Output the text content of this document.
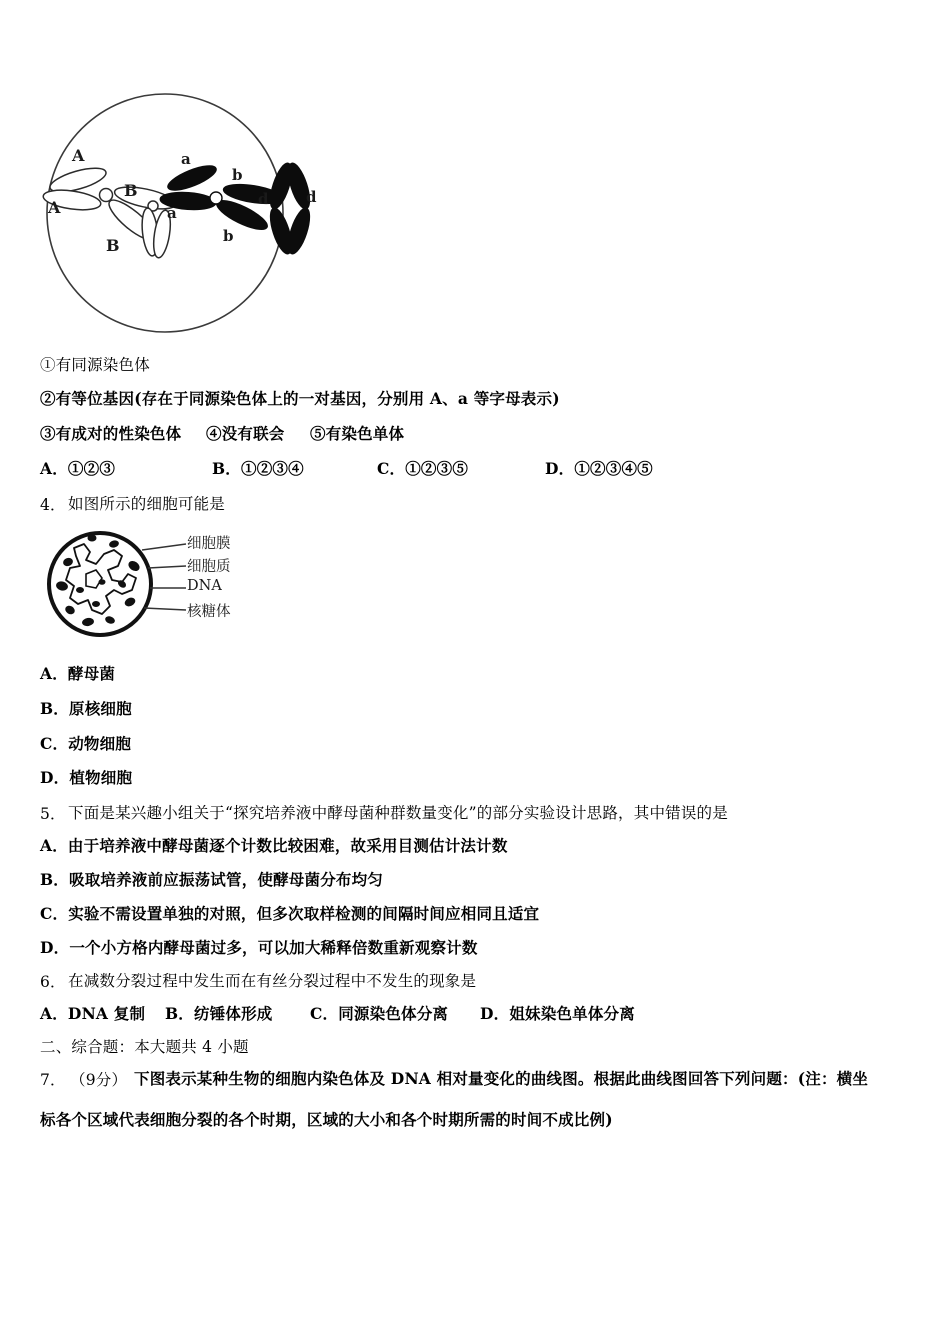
A
A
B
B
a
a
b
b
d	d
①有同源染色体
②有等位基因(存在于同源染色体上的一对基因，分别用 A、a 等字母表示)
③有成对的性染色体 ④没有联会 ⑤有染色单体
A．①②③	B．①②③④	C．①②③⑤	D．①②③④⑤
4． 如图所示的细胞可能是
细胞膜
细胞质
DNA
核糖体
A．酵母菌
B．原核细胞
C．动物细胞
D．植物细胞
5． 下面是某兴趣小组关于“探究培养液中酵母菌种群数量变化”的部分实验设计思路，其中错误的是
A．由于培养液中酵母菌逐个计数比较困难，故采用目测估计法计数
B．吸取培养液前应振荡试管，使酵母菌分布均匀
C．实验不需设置单独的对照，但多次取样检测的间隔时间应相同且适宜
D．一个小方格内酵母菌过多，可以加大稀释倍数重新观察计数
6． 在减数分裂过程中发生而在有丝分裂过程中不发生的现象是
A．DNA 复制 B．纺锤体形成 C．同源染色体分离 D．姐妹染色单体分离
二、综合题：本大题共 4 小题
7． （9分） 下图表示某种生物的细胞内染色体及 DNA 相对量变化的曲线图。根据此曲线图回答下列问题：(注：横坐
标各个区域代表细胞分裂的各个时期，区域的大小和各个时期所需的时间不成比例)
